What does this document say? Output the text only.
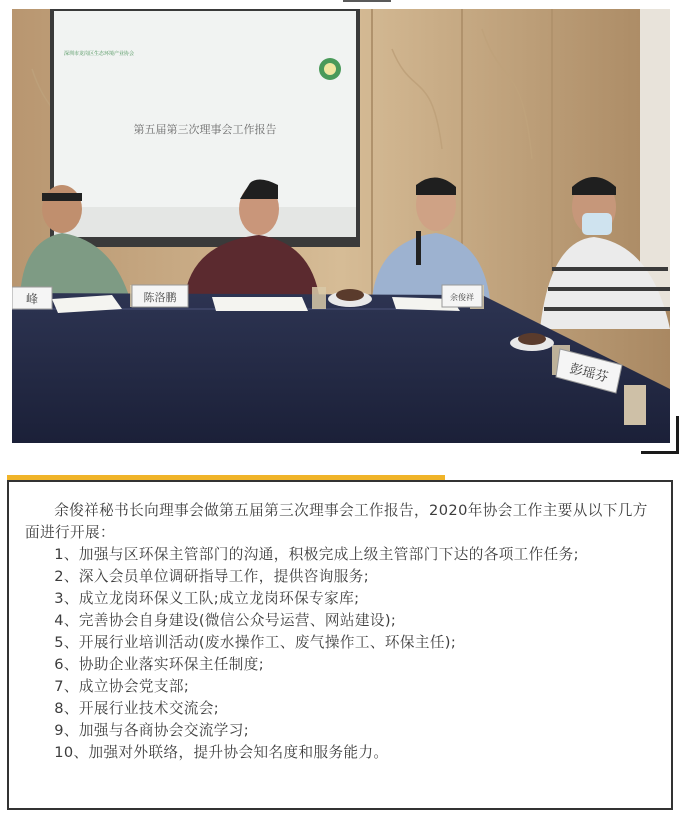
深圳市龙岗区生态环境产业协会
第五届第三次理事会工作报告
峰	陈洛鹏	余俊祥
彭瑶芬

余俊祥秘书长向理事会做第五届第三次理事会工作报告，2020年协会工作主要从以下几方面进行开展：

1、加强与区环保主管部门的沟通，积极完成上级主管部门下达的各项工作任务;

2、深入会员单位调研指导工作，提供咨询服务;

3、成立龙岗环保义工队;成立龙岗环保专家库;

4、完善协会自身建设(微信公众号运营、网站建设);

5、开展行业培训活动(废水操作工、废气操作工、环保主任);

6、协助企业落实环保主任制度;

7、成立协会党支部;

8、开展行业技术交流会;

9、加强与各商协会交流学习;

10、加强对外联络，提升协会知名度和服务能力。
